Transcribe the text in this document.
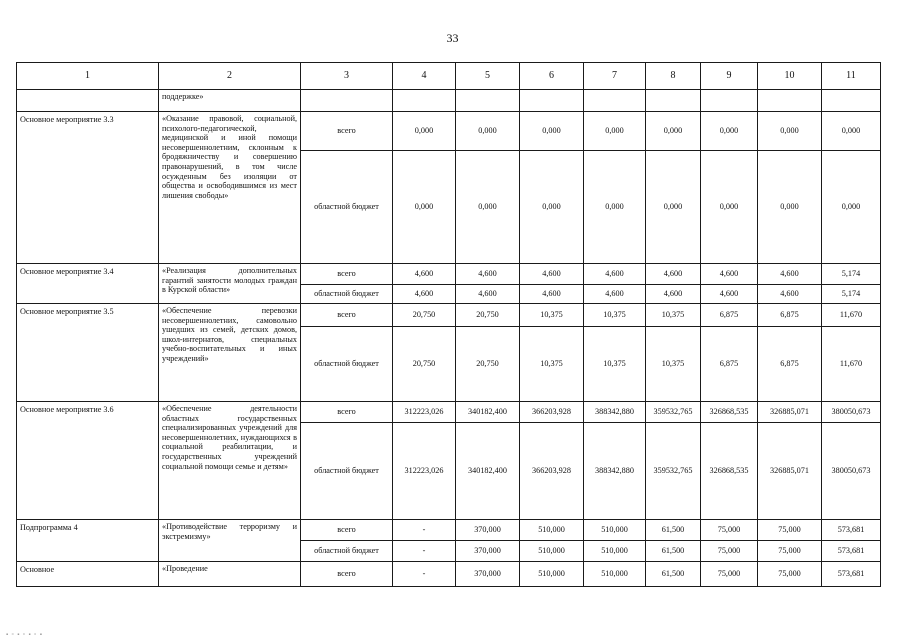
33
1	2	3	4	5	6	7	8	9	10	11
	поддержке»									
Основное мероприятие 3.3	«Оказание правовой, социальной, психолого-педагогической, медицинской и иной помощи несовершеннолетним, склонным к бродяжничеству и совершению правонарушений, в том числе осужденным без изоляции от общества и освободившимся из мест лишения свободы»	всего	0,000	0,000	0,000	0,000	0,000	0,000	0,000	0,000
		областной бюджет	0,000	0,000	0,000	0,000	0,000	0,000	0,000	0,000
Основное мероприятие 3.4	«Реализация дополнительных гарантий занятости молодых граждан в Курской области»	всего	4,600	4,600	4,600	4,600	4,600	4,600	4,600	5,174
		областной бюджет	4,600	4,600	4,600	4,600	4,600	4,600	4,600	5,174
Основное мероприятие 3.5	«Обеспечение перевозки несовершеннолетних, самовольно ушедших из семей, детских домов, школ-интернатов, специальных учебно-воспитательных и иных учреждений»	всего	20,750	20,750	10,375	10,375	10,375	6,875	6,875	11,670
		областной бюджет	20,750	20,750	10,375	10,375	10,375	6,875	6,875	11,670
Основное мероприятие 3.6	«Обеспечение деятельности областных государственных специализированных учреждений для несовершеннолетних, нуждающихся в социальной реабилитации, и государственных учреждений социальной помощи семье и детям»	всего	312223,026	340182,400	366203,928	388342,880	359532,765	326868,535	326885,071	380050,673
		областной бюджет	312223,026	340182,400	366203,928	388342,880	359532,765	326868,535	326885,071	380050,673
Подпрограмма 4	«Противодействие терроризму и экстремизму»	всего	-	370,000	510,000	510,000	61,500	75,000	75,000	573,681
		областной бюджет	-	370,000	510,000	510,000	61,500	75,000	75,000	573,681
Основное	«Проведение	всего	-	370,000	510,000	510,000	61,500	75,000	75,000	573,681
▪ ▫ ▪ ▫ ▪ ▫ ▪
